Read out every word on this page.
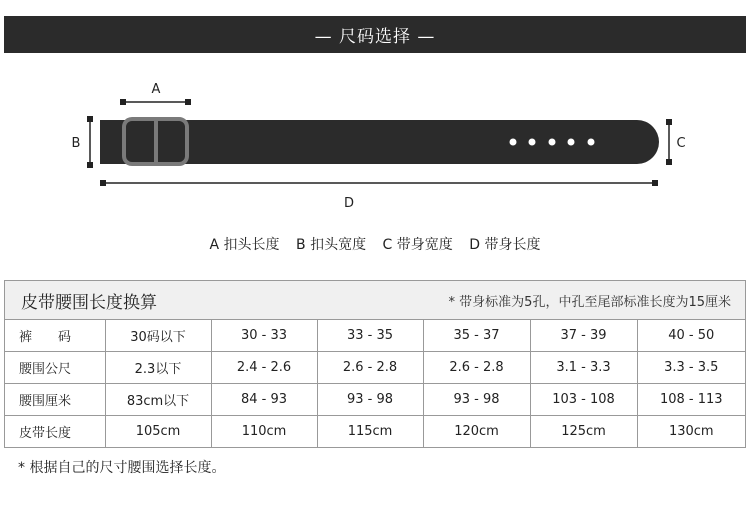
— 尺码选择 —
A
B	C
D
A 扣头长度 B 扣头宽度 C 带身宽度 D 带身长度
皮带腰围长度换算	* 带身标准为5孔，中孔至尾部标准长度为15厘米
裤　　码	30码以下	30 - 33	33 - 35	35 - 37	37 - 39	40 - 50
腰围公尺	2.3以下	2.4 - 2.6	2.6 - 2.8	2.6 - 2.8	3.1 - 3.3	3.3 - 3.5
腰围厘米	83cm以下	84 - 93	93 - 98	93 - 98	103 - 108	108 - 113
皮带长度	105cm	110cm	115cm	120cm	125cm	130cm
* 根据自己的尺寸腰围选择长度。
